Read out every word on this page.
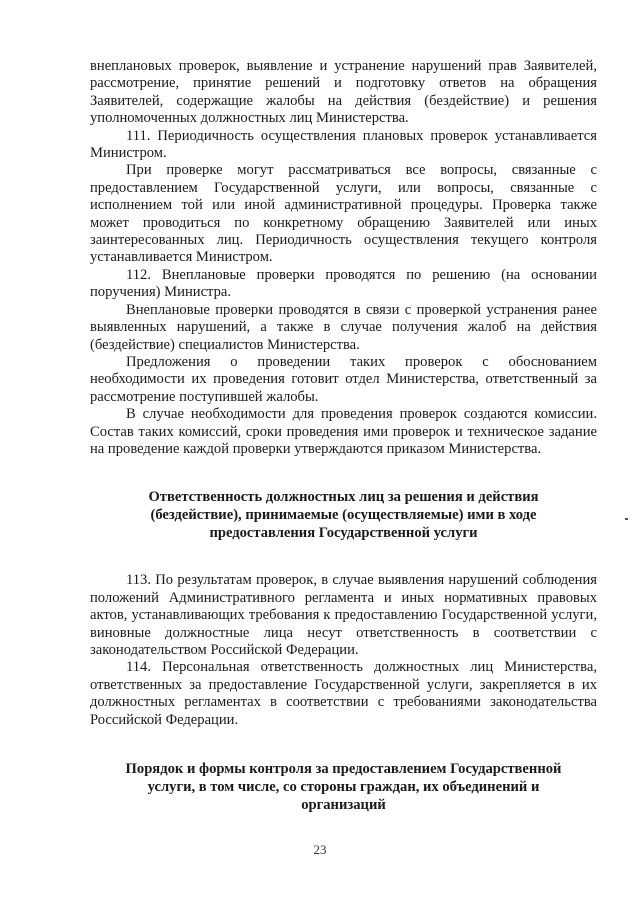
внеплановых проверок, выявление и устранение нарушений прав Заявителей, рассмотрение, принятие решений и подготовку ответов на обращения Заявителей, содержащие жалобы на действия (бездействие) и решения уполномоченных должностных лиц Министерства.

111. Периодичность осуществления плановых проверок устанавливается Министром.

При проверке могут рассматриваться все вопросы, связанные с предоставлением Государственной услуги, или вопросы, связанные с исполнением той или иной административной процедуры. Проверка также может проводиться по конкретному обращению Заявителей или иных заинтересованных лиц. Периодичность осуществления текущего контроля устанавливается Министром.

112. Внеплановые проверки проводятся по решению (на основании поручения) Министра.

Внеплановые проверки проводятся в связи с проверкой устранения ранее выявленных нарушений, а также в случае получения жалоб на действия (бездействие) специалистов Министерства.

Предложения о проведении таких проверок с обоснованием необходимости их проведения готовит отдел Министерства, ответственный за рассмотрение поступившей жалобы.

В случае необходимости для проведения проверок создаются комиссии. Состав таких комиссий, сроки проведения ими проверок и техническое задание на проведение каждой проверки утверждаются приказом Министерства.

Ответственность должностных лиц за решения и действия (бездействие), принимаемые (осуществляемые) ими в ходе предоставления Государственной услуги

113. По результатам проверок, в случае выявления нарушений соблюдения положений Административного регламента и иных нормативных правовых актов, устанавливающих требования к предоставлению Государственной услуги, виновные должностные лица несут ответственность в соответствии с законодательством Российской Федерации.

114. Персональная ответственность должностных лиц Министерства, ответственных за предоставление Государственной услуги, закрепляется в их должностных регламентах в соответствии с требованиями законодательства Российской Федерации.

Порядок и формы контроля за предоставлением Государственной услуги, в том числе, со стороны граждан, их объединений и организаций
23
